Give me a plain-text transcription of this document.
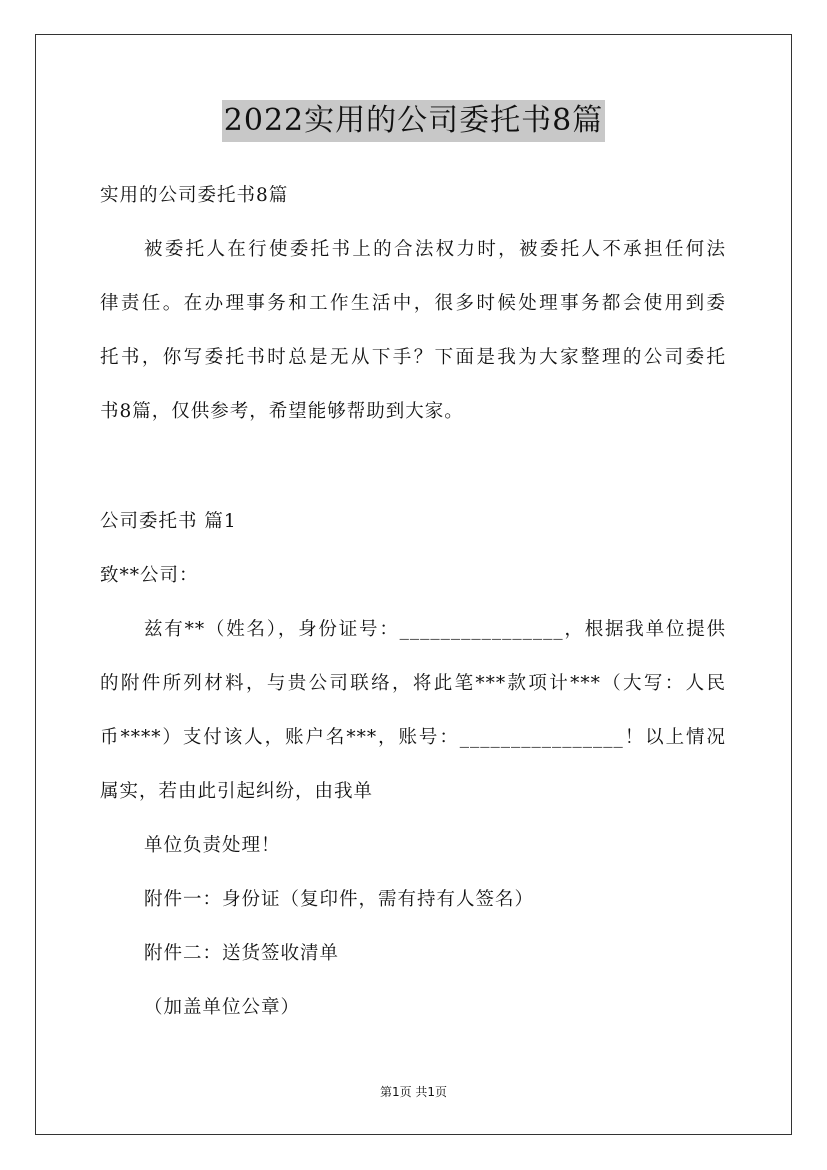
2022实用的公司委托书8篇
实用的公司委托书8篇
被委托人在行使委托书上的合法权力时，被委托人不承担任何法
律责任。在办理事务和工作生活中，很多时候处理事务都会使用到委
托书，你写委托书时总是无从下手？下面是我为大家整理的公司委托
书8篇，仅供参考，希望能够帮助到大家。
公司委托书 篇1
致**公司：
兹有**（姓名），身份证号：________________，根据我单位提供
的附件所列材料，与贵公司联络，将此笔***款项计***（大写：人民
币****）支付该人，账户名***，账号：________________！以上情况
属实，若由此引起纠纷，由我单
单位负责处理！
附件一：身份证（复印件，需有持有人签名）
附件二：送货签收清单
（加盖单位公章）
第1页 共1页
